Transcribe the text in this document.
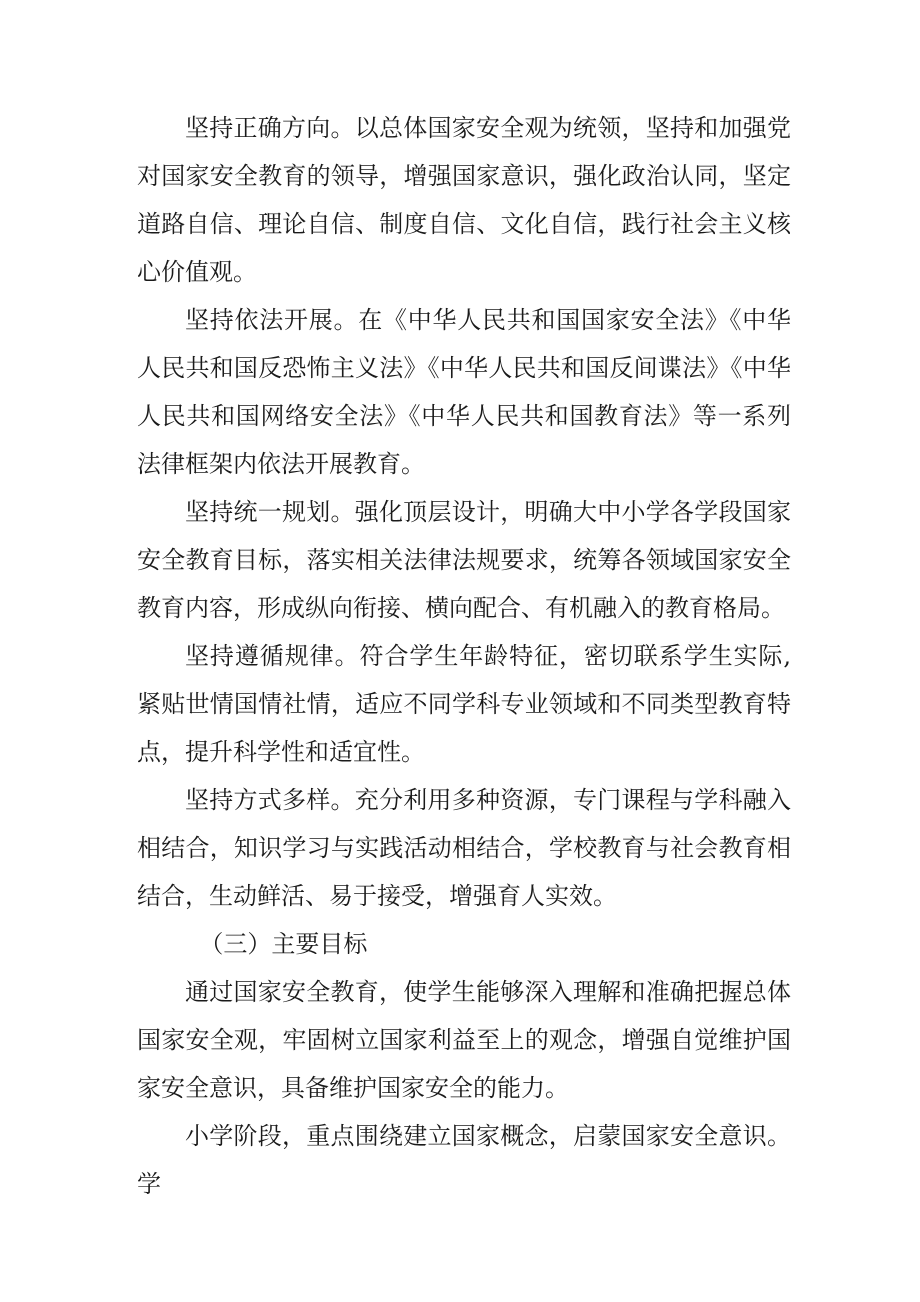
坚持正确方向。以总体国家安全观为统领，坚持和加强党对国家安全教育的领导，增强国家意识，强化政治认同，坚定道路自信、理论自信、制度自信、文化自信，践行社会主义核心价值观。

坚持依法开展。在《中华人民共和国国家安全法》《中华人民共和国反恐怖主义法》《中华人民共和国反间谍法》《中华人民共和国网络安全法》《中华人民共和国教育法》等一系列法律框架内依法开展教育。

坚持统一规划。强化顶层设计，明确大中小学各学段国家安全教育目标，落实相关法律法规要求，统筹各领域国家安全教育内容，形成纵向衔接、横向配合、有机融入的教育格局。

坚持遵循规律。符合学生年龄特征，密切联系学生实际,紧贴世情国情社情，适应不同学科专业领域和不同类型教育特点，提升科学性和适宜性。

坚持方式多样。充分利用多种资源，专门课程与学科融入相结合，知识学习与实践活动相结合，学校教育与社会教育相结合，生动鲜活、易于接受，增强育人实效。

（三）主要目标

通过国家安全教育，使学生能够深入理解和准确把握总体国家安全观，牢固树立国家利益至上的观念，增强自觉维护国家安全意识，具备维护国家安全的能力。

小学阶段，重点围绕建立国家概念，启蒙国家安全意识。学
